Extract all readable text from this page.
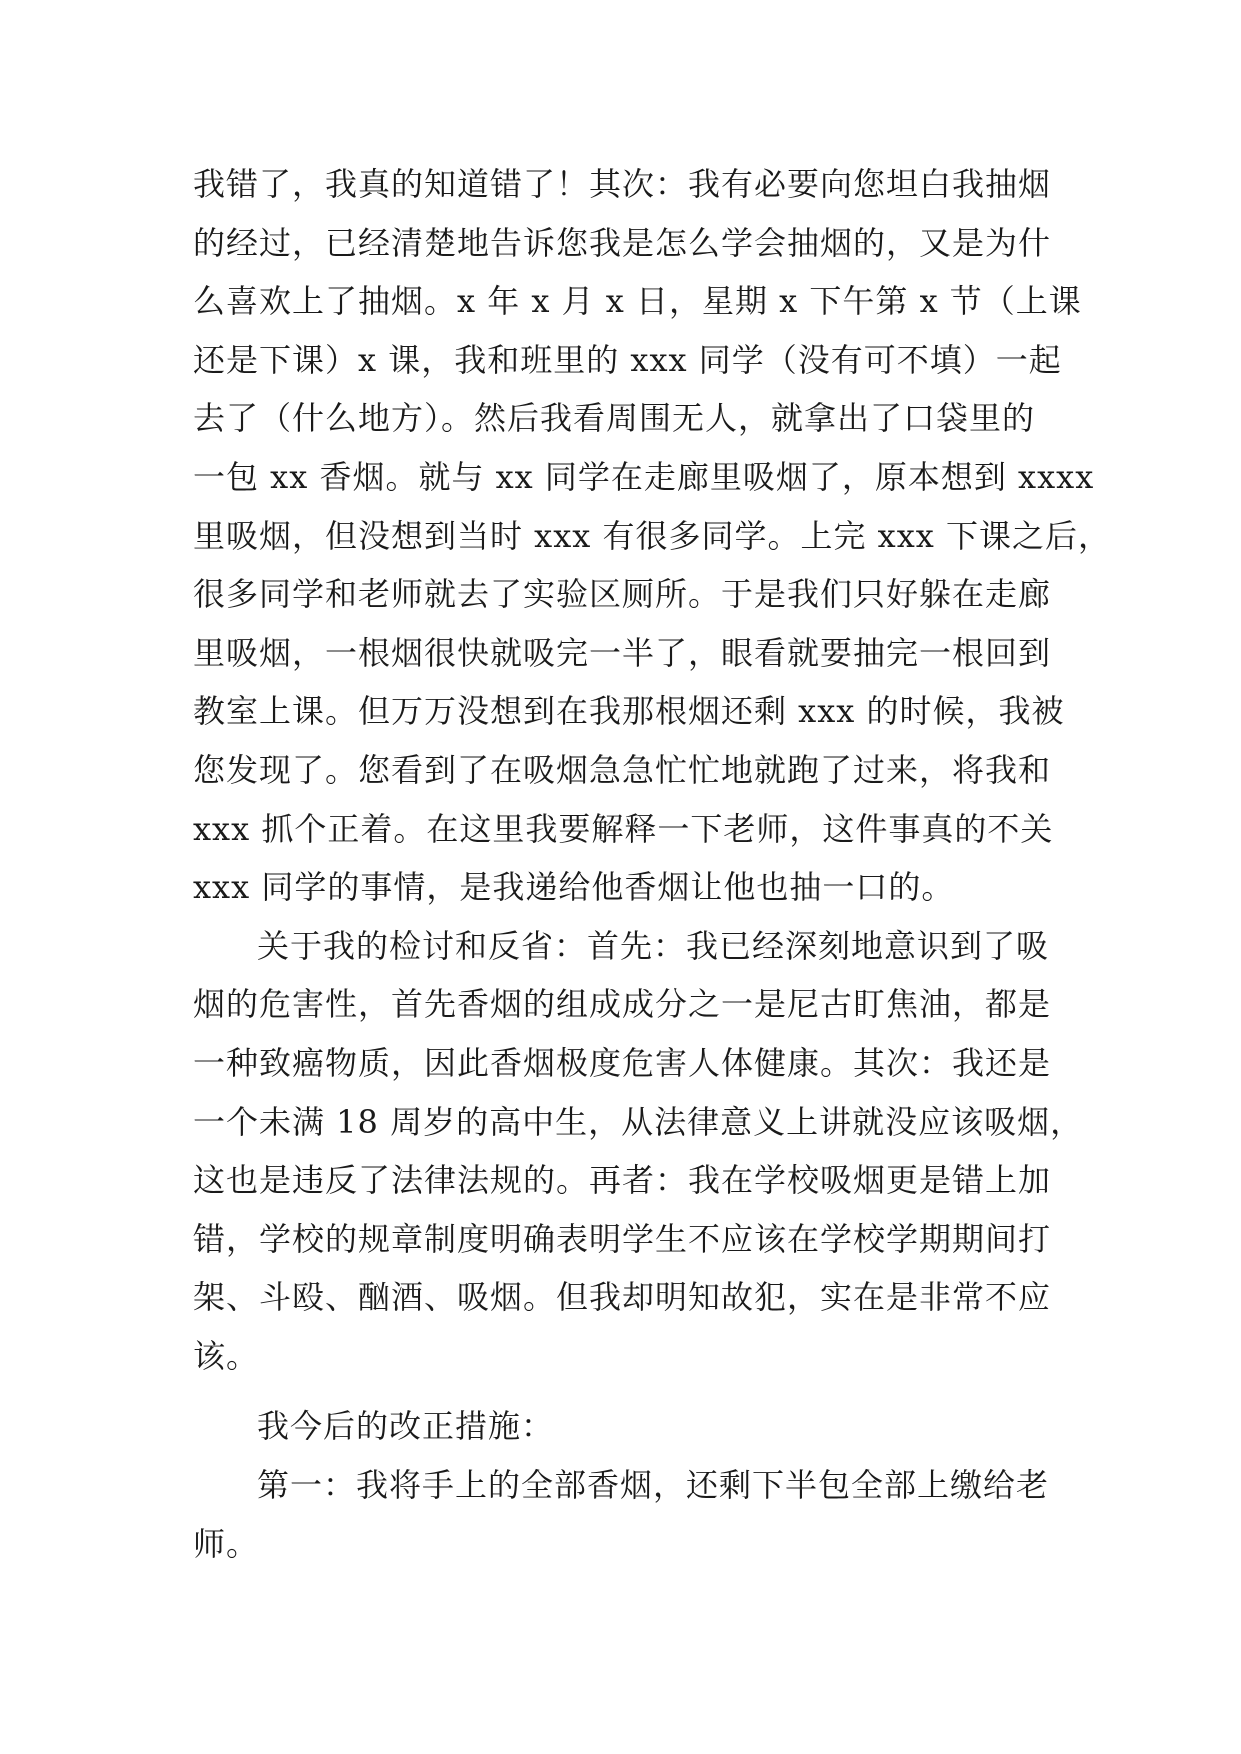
我错了，我真的知道错了！其次：我有必要向您坦白我抽烟
的经过，已经清楚地告诉您我是怎么学会抽烟的，又是为什
么喜欢上了抽烟。x 年 x 月 x 日，星期 x 下午第 x 节（上课
还是下课）x 课，我和班里的 xxx 同学（没有可不填）一起
去了（什么地方）。然后我看周围无人，就拿出了口袋里的
一包 xx 香烟。就与 xx 同学在走廊里吸烟了，原本想到 xxxx
里吸烟，但没想到当时 xxx 有很多同学。上完 xxx 下课之后，
很多同学和老师就去了实验区厕所。于是我们只好躲在走廊
里吸烟，一根烟很快就吸完一半了，眼看就要抽完一根回到
教室上课。但万万没想到在我那根烟还剩 xxx 的时候，我被
您发现了。您看到了在吸烟急急忙忙地就跑了过来，将我和
xxx 抓个正着。在这里我要解释一下老师，这件事真的不关
xxx 同学的事情，是我递给他香烟让他也抽一口的。
关于我的检讨和反省：首先：我已经深刻地意识到了吸
烟的危害性，首先香烟的组成成分之一是尼古盯焦油，都是
一种致癌物质，因此香烟极度危害人体健康。其次：我还是
一个未满 18 周岁的高中生，从法律意义上讲就没应该吸烟，
这也是违反了法律法规的。再者：我在学校吸烟更是错上加
错，学校的规章制度明确表明学生不应该在学校学期期间打
架、斗殴、酗酒、吸烟。但我却明知故犯，实在是非常不应
该。
我今后的改正措施：
第一：我将手上的全部香烟，还剩下半包全部上缴给老
师。
